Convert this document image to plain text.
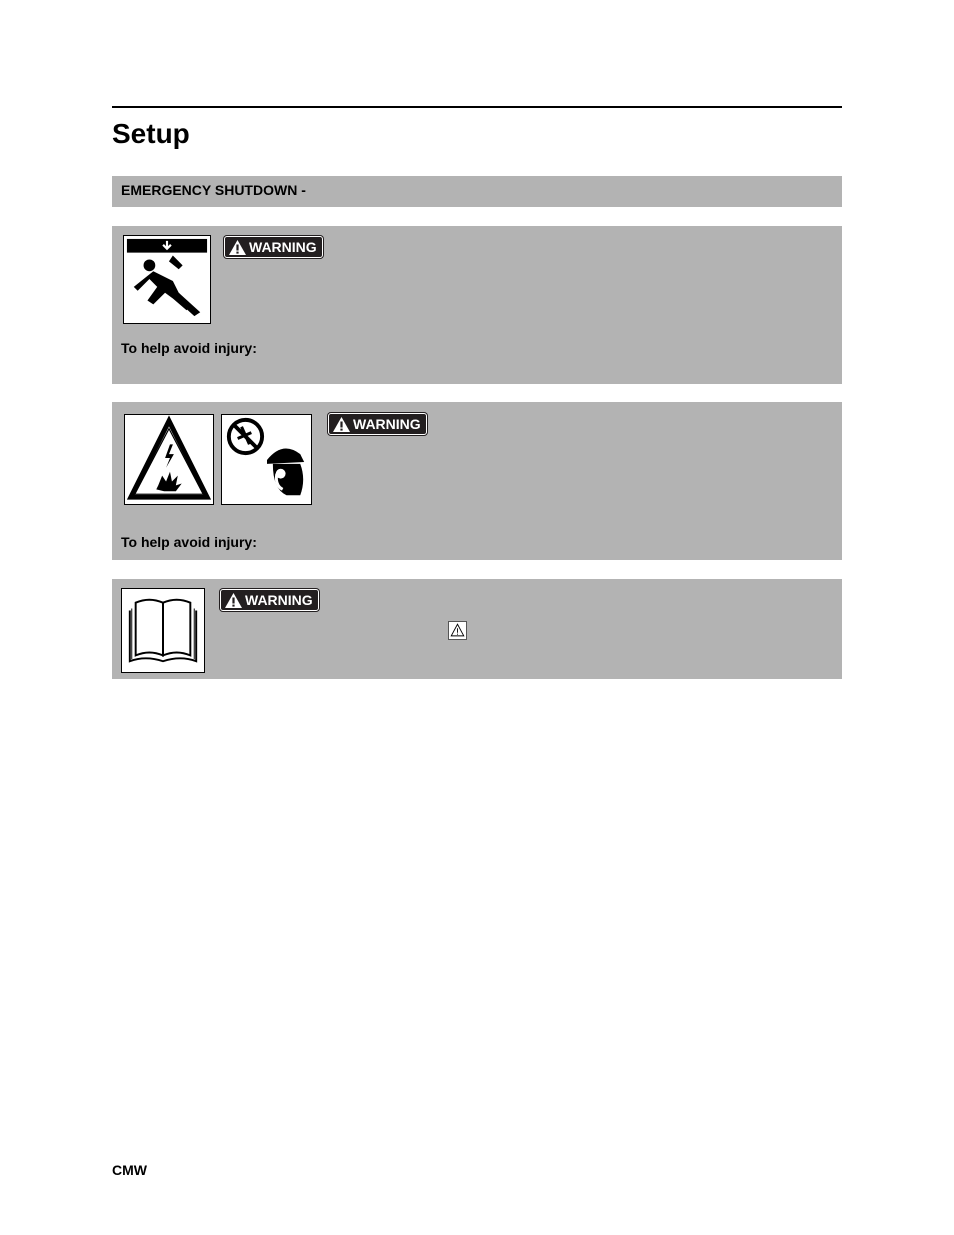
Setup
EMERGENCY SHUTDOWN -
WARNING
To help avoid injury:
WARNING
To help avoid injury:
WARNING
CMW
